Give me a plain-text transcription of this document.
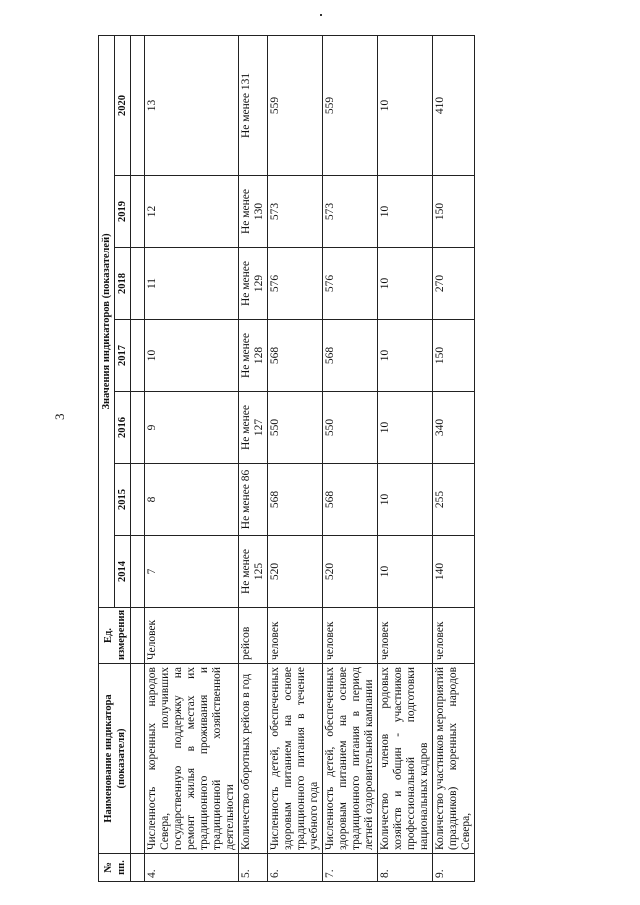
3
№ пп.	Наименование индикатора (показателя)	Ед. измерения	Значения индикаторов (показателей)						
			2014	2015	2016	2017	2018	2019	2020

4.	Численность коренных народов Севера, получивших государственную поддержку на ремонт жилья в местах их традиционного проживания и традиционной хозяйственной деятельности	Человек	7	8	9	10	11	12	13
5.	Количество оборотных рейсов в год	рейсов	Не менее 125	Не менее 86	Не менее 127	Не менее 128	Не менее 129	Не менее 130	Не менее 131
6.	Численность детей, обеспеченных здоровым питанием на основе традиционного питания в течение учебного года	человек	520	568	550	568	576	573	559
7.	Численность детей, обеспеченных здоровым питанием на основе традиционного питания в период летней оздоровительной кампании	человек	520	568	550	568	576	573	559
8.	Количество членов родовых хозяйств и общин - участников профессиональной подготовки национальных кадров	человек	10	10	10	10	10	10	10
9.	Количество участников мероприятий (праздников) коренных народов Севера,	человек	140	255	340	150	270	150	410
